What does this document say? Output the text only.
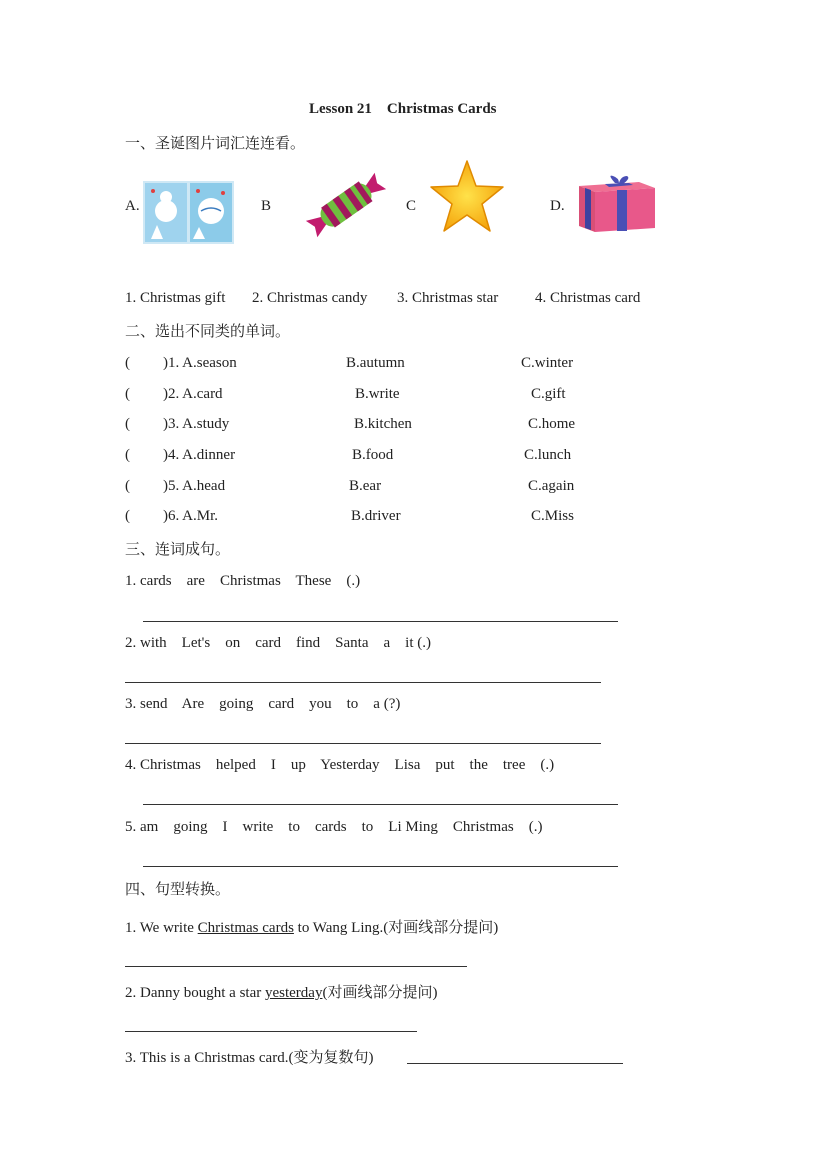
Lesson 21    Christmas Cards
一、圣诞图片词汇连连看。
A.	B	C	D.
1. Christmas gift 2. Christmas candy 3. Christmas star 4. Christmas card
二、选出不同类的单词。
( )1. A.season	B.autumn	C.winter
( )2. A.card	B.write	C.gift
( )3. A.study	B.kitchen	C.home
( )4. A.dinner	B.food	C.lunch
( )5. A.head	B.ear	C.again
( )6. A.Mr.	B.driver	C.Miss
三、连词成句。
1. cards    are    Christmas    These    (.)
2. with    Let's    on    card    find    Santa    a    it (.)
3. send    Are    going    card    you    to    a (?)
4. Christmas    helped    I    up    Yesterday    Lisa    put    the    tree    (.)
5. am    going    I    write    to    cards    to    Li Ming    Christmas    (.)
四、句型转换。
1. We write Christmas cards to Wang Ling.(对画线部分提问)
2. Danny bought a star yesterday(对画线部分提问)
3. This is a Christmas card.(变为复数句)
